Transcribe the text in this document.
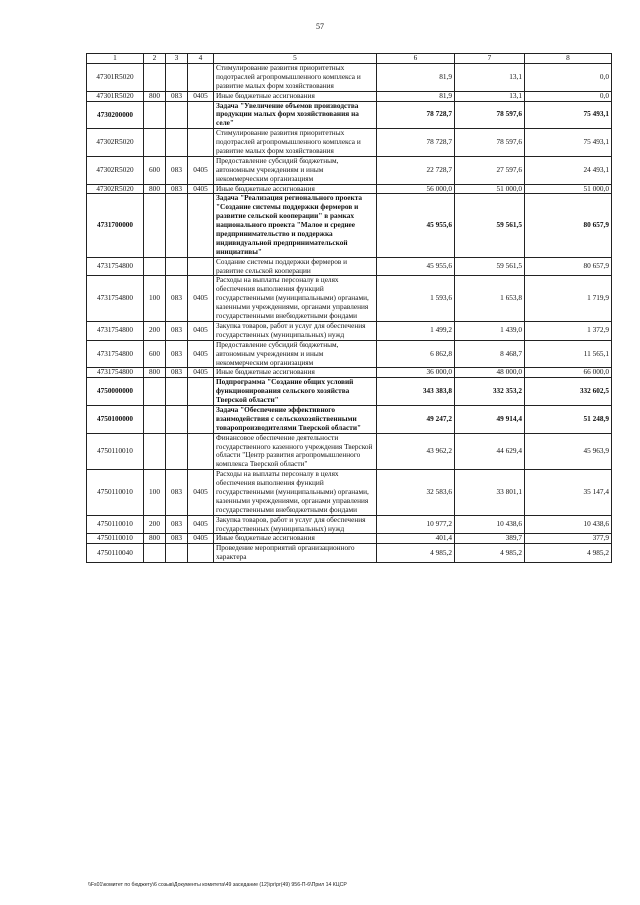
57
1	2	3	4	5	6	7	8
47301R5020				Стимулирование развития приоритетных подотраслей агропромышленного комплекса и развитие малых форм хозяйствования	81,9	13,1	0,0
47301R5020	800	083	0405	Иные бюджетные ассигнования	81,9	13,1	0,0
4730200000				Задача "Увеличение объемов производства продукции малых форм хозяйствования на селе"	78 728,7	78 597,6	75 493,1
47302R5020				Стимулирование развития приоритетных подотраслей агропромышленного комплекса и развитие малых форм хозяйствования	78 728,7	78 597,6	75 493,1
47302R5020	600	083	0405	Предоставление субсидий бюджетным, автономным учреждениям и иным некоммерческим организациям	22 728,7	27 597,6	24 493,1
47302R5020	800	083	0405	Иные бюджетные ассигнования	56 000,0	51 000,0	51 000,0
4731700000				Задача "Реализация регионального проекта "Создание системы поддержки фермеров и развитие сельской кооперации" в рамках национального проекта "Малое и среднее предпринимательство и поддержка индивидуальной предпринимательской инициативы"	45 955,6	59 561,5	80 657,9
4731754800				Создание системы поддержки фермеров и развитие сельской кооперации	45 955,6	59 561,5	80 657,9
4731754800	100	083	0405	Расходы на выплаты персоналу в целях обеспечения выполнения функций государственными (муниципальными) органами, казенными учреждениями, органами управления государственными внебюджетными фондами	1 593,6	1 653,8	1 719,9
4731754800	200	083	0405	Закупка товаров, работ и услуг для обеспечения государственных (муниципальных) нужд	1 499,2	1 439,0	1 372,9
4731754800	600	083	0405	Предоставление субсидий бюджетным, автономным учреждениям и иным некоммерческим организациям	6 862,8	8 468,7	11 565,1
4731754800	800	083	0405	Иные бюджетные ассигнования	36 000,0	48 000,0	66 000,0
4750000000				Подпрограмма "Создание общих условий функционирования сельского хозяйства Тверской области"	343 383,8	332 353,2	332 602,5
4750100000				Задача "Обеспечение эффективного взаимодействия с сельскохозяйственными товаропроизводителями Тверской области"	49 247,2	49 914,4	51 248,9
4750110010				Финансовое обеспечение деятельности государственного казенного учреждения Тверской области "Центр развития агропромышленного комплекса Тверской области"	43 962,2	44 629,4	45 963,9
4750110010	100	083	0405	Расходы на выплаты персоналу в целях обеспечения выполнения функций государственными (муниципальными) органами, казенными учреждениями, органами управления государственными внебюджетными фондами	32 583,6	33 801,1	35 147,4
4750110010	200	083	0405	Закупка товаров, работ и услуг для обеспечения государственных (муниципальных) нужд	10 977,2	10 438,6	10 438,6
4750110010	800	083	0405	Иные бюджетные ассигнования	401,4	389,7	377,9
4750110040				Проведение мероприятий организационного характера	4 985,2	4 985,2	4 985,2
\\Fs01\комитет по бюджету\6 созыв\Документы комитета\49 заседание (12)\pr\pr(49) 956-П-6\Прил 14 КЦСР
